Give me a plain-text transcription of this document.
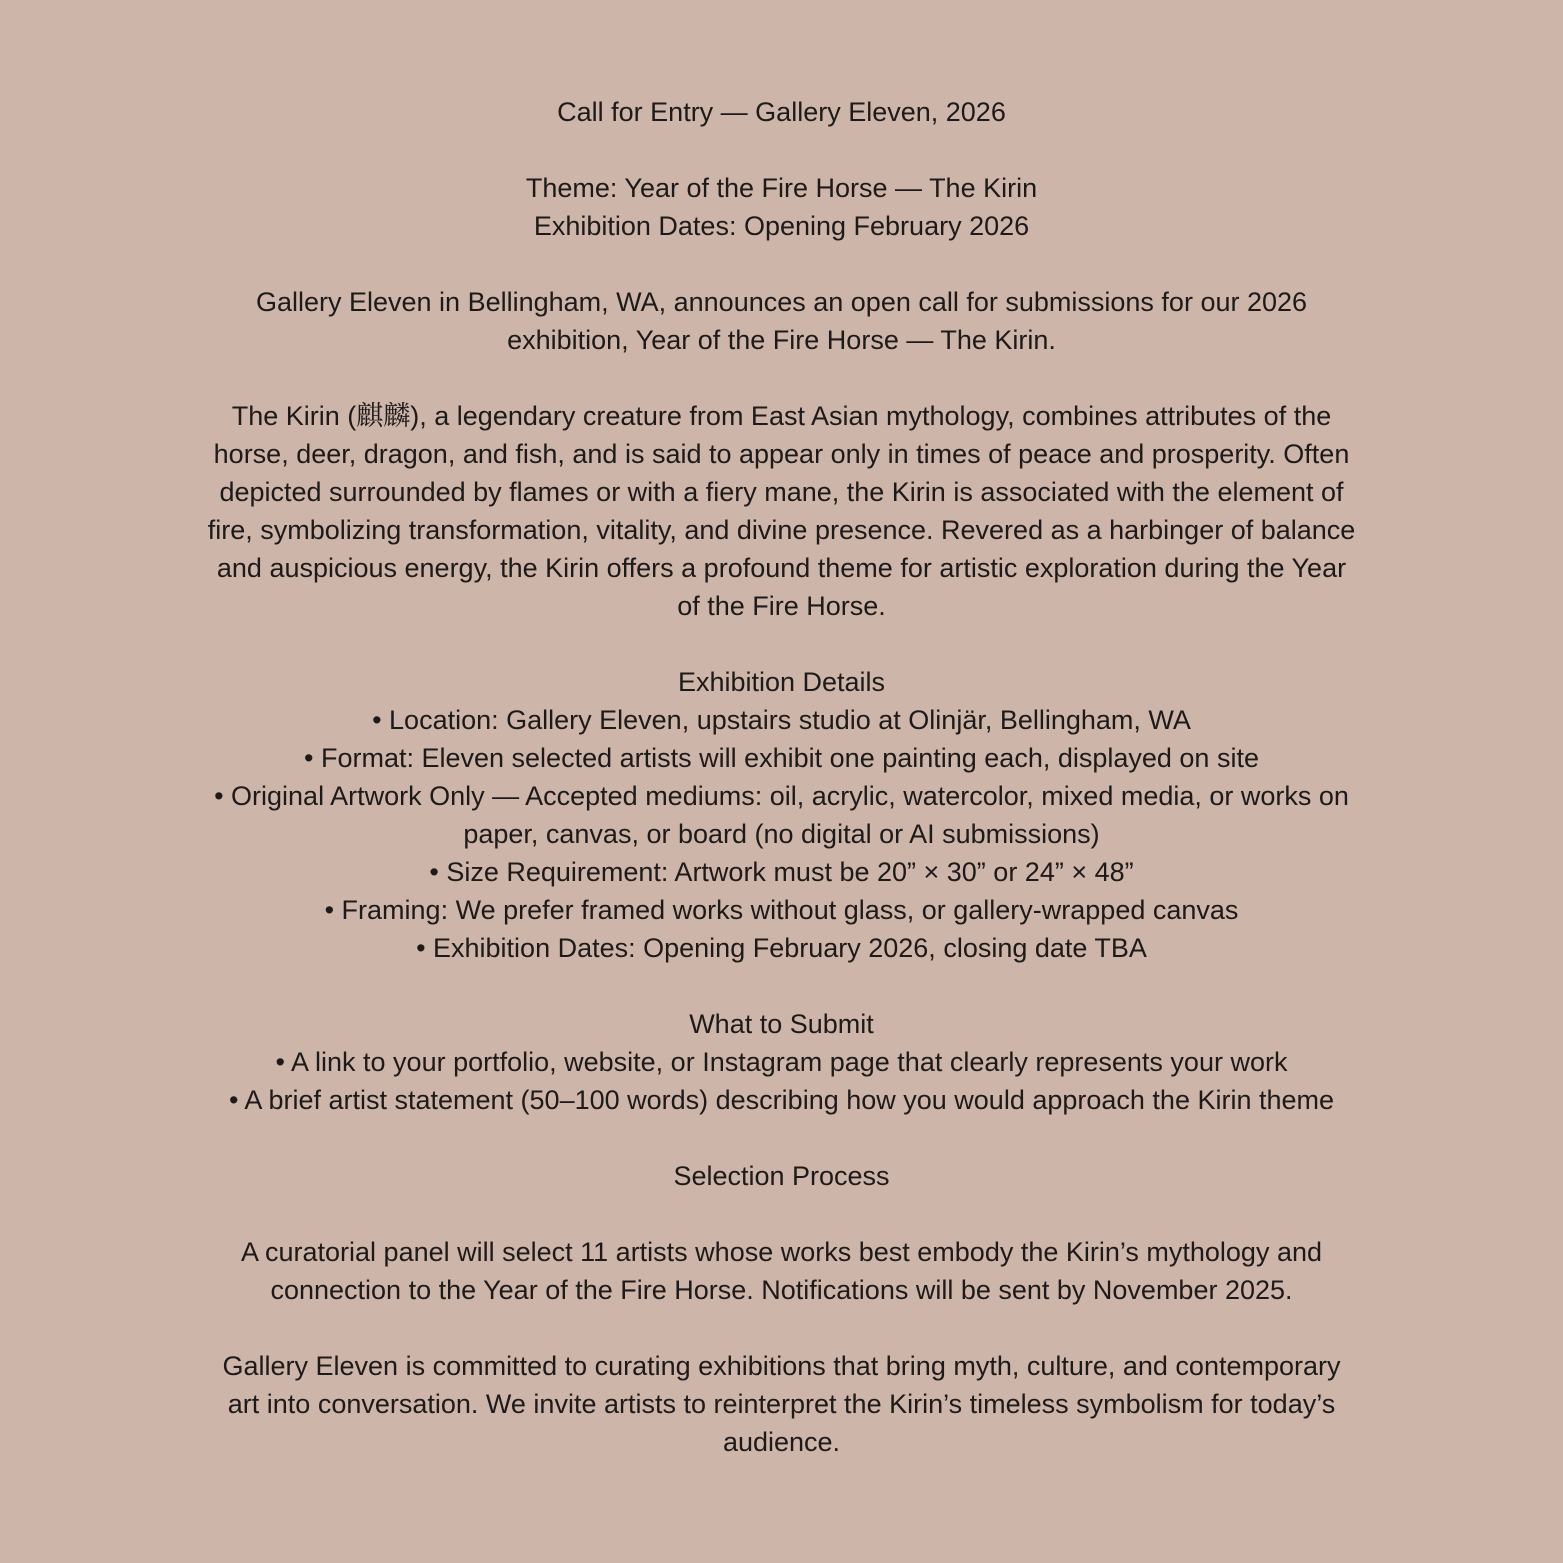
Call for Entry — Gallery Eleven, 2026
Theme: Year of the Fire Horse — The Kirin
Exhibition Dates: Opening February 2026
Gallery Eleven in Bellingham, WA, announces an open call for submissions for our 2026
exhibition, Year of the Fire Horse — The Kirin.
The Kirin (麒麟), a legendary creature from East Asian mythology, combines attributes of the
horse, deer, dragon, and fish, and is said to appear only in times of peace and prosperity. Often
depicted surrounded by flames or with a fiery mane, the Kirin is associated with the element of
fire, symbolizing transformation, vitality, and divine presence. Revered as a harbinger of balance
and auspicious energy, the Kirin offers a profound theme for artistic exploration during the Year
of the Fire Horse.
Exhibition Details
• Location: Gallery Eleven, upstairs studio at Olinjär, Bellingham, WA
• Format: Eleven selected artists will exhibit one painting each, displayed on site
• Original Artwork Only — Accepted mediums: oil, acrylic, watercolor, mixed media, or works on
paper, canvas, or board (no digital or AI submissions)
• Size Requirement: Artwork must be 20” × 30” or 24” × 48”
• Framing: We prefer framed works without glass, or gallery-wrapped canvas
• Exhibition Dates: Opening February 2026, closing date TBA
What to Submit
• A link to your portfolio, website, or Instagram page that clearly represents your work
• A brief artist statement (50–100 words) describing how you would approach the Kirin theme
Selection Process
A curatorial panel will select 11 artists whose works best embody the Kirin’s mythology and
connection to the Year of the Fire Horse. Notifications will be sent by November 2025.
Gallery Eleven is committed to curating exhibitions that bring myth, culture, and contemporary
art into conversation. We invite artists to reinterpret the Kirin’s timeless symbolism for today’s
audience.
